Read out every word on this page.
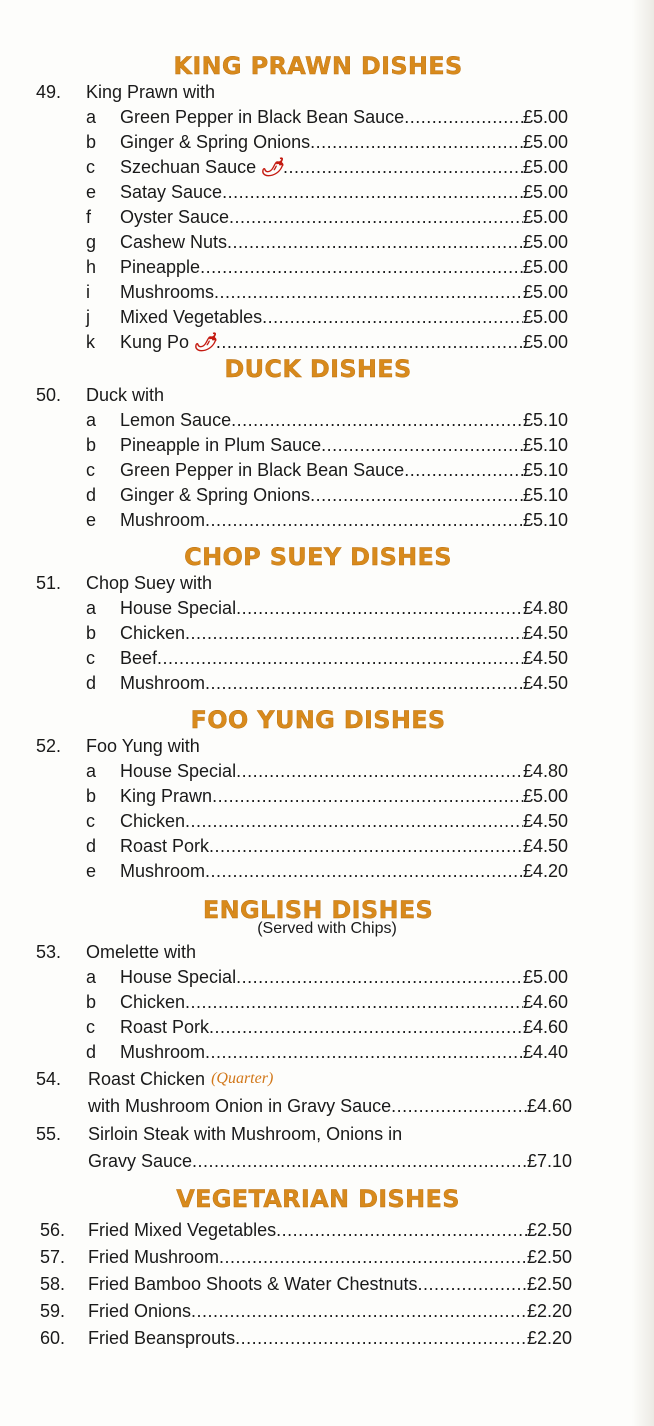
KING PRAWN DISHES
49.	King Prawn with
a	Green Pepper in Black Bean Sauce .....	£5.00
b	Ginger & Spring Onions .....	£5.00
c	Szechuan Sauce 🌶 .....	£5.00
e	Satay Sauce .....	£5.00
f	Oyster Sauce .....	£5.00
g	Cashew Nuts .....	£5.00
h	Pineapple .....	£5.00
i	Mushrooms .....	£5.00
j	Mixed Vegetables .....	£5.00
k	Kung Po 🌶 .....	£5.00
DUCK DISHES
50.	Duck with
a	Lemon Sauce .....	£5.10
b	Pineapple in Plum Sauce .....	£5.10
c	Green Pepper in Black Bean Sauce .....	£5.10
d	Ginger & Spring Onions .....	£5.10
e	Mushroom .....	£5.10
CHOP SUEY DISHES
51.	Chop Suey with
a	House Special .....	£4.80
b	Chicken .....	£4.50
c	Beef .....	£4.50
d	Mushroom .....	£4.50
FOO YUNG DISHES
52.	Foo Yung with
a	House Special .....	£4.80
b	King Prawn .....	£5.00
c	Chicken .....	£4.50
d	Roast Pork .....	£4.50
e	Mushroom .....	£4.20
ENGLISH DISHES
(Served with Chips)
53.	Omelette with
a	House Special .....	£5.00
b	Chicken .....	£4.60
c	Roast Pork .....	£4.60
d	Mushroom .....	£4.40
54.	Roast Chicken (Quarter)
with Mushroom Onion in Gravy Sauce .....	£4.60
55.	Sirloin Steak with Mushroom, Onions in
Gravy Sauce .....	£7.10
VEGETARIAN DISHES
56.	Fried Mixed Vegetables .....	£2.50
57.	Fried Mushroom .....	£2.50
58.	Fried Bamboo Shoots & Water Chestnuts .....	£2.50
59.	Fried Onions .....	£2.20
60.	Fried Beansprouts .....	£2.20
